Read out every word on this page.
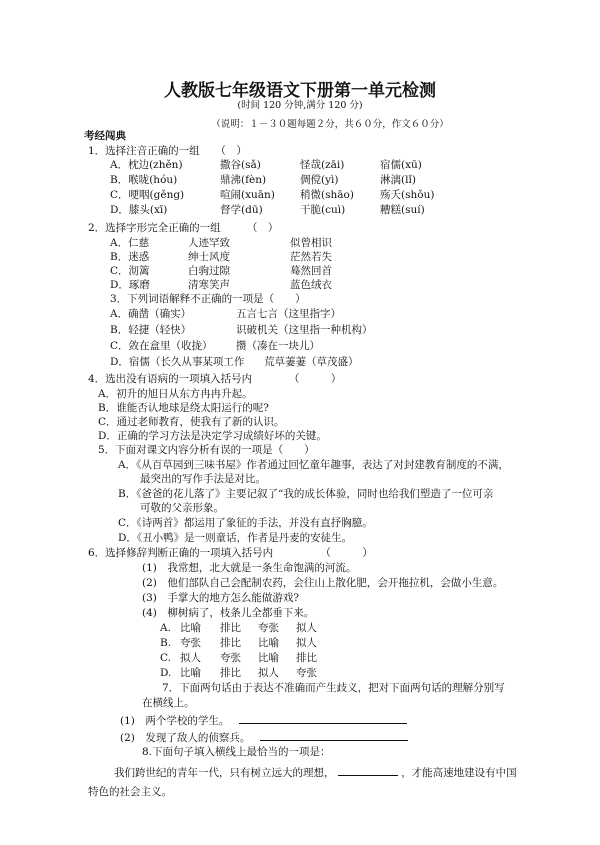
人教版七年级语文下册第一单元检测
(时间 120 分钟,满分 120 分)
（说明：１－３０题每题２分，共６０分，作文６０分）
考经闯典
1．选择注音正确的一组　　（　）
A．枕边(zhěn)	撒谷(sǎ)	怪哉(zāi)	宿儒(xū)
B．喉咙(hóu)	鼎沸(fèn)	倜傥(yì)	淋漓(lǐ)
C．哽咽(gěng)	喧闹(xuān) 稍微(shāo) 殇夭(shǒu)
D．膝头(xī)	督学(dū)	干脆(cuì)	糟糕(suí)
2．选择字形完全正确的一组　　　（　）
A．仁慈	人迹罕致	似曾相识
B．迷惑	绅士风度	茫然若失
C．沏篱	白驹过隙	蓦然回首
D．琢磨	清寒笑声	蓝色绒衣
3．下列词语解释不正确的一项是（　　）
A．确凿（确实）	五言七言（这里指字）
B．轻捷（轻快）	识破机关（这里指一种机构）
C．敛在盒里（收拢） 攒（凑在一块儿）
D．宿儒（长久从事某项工作 荒草萋萋（草茂盛）
4．选出没有语病的一项填入括号内　　　　（　　　）
A．初升的旭日从东方冉冉升起。
B．谁能否认地球是绕太阳运行的呢?
C．通过老师教育，使我有了新的认识。
D．正确的学习方法是决定学习成绩好坏的关键。
5．下面对课文内容分析有误的一项是（　　）
A．《从百草园到三味书屋》作者通过回忆童年趣事，表达了对封建教育制度的不满，
最突出的写作手法是对比。
B．《爸爸的花儿落了》主要记叙了“我的成长体验，同时也给我们塑造了一位可亲
可敬的父亲形象。
C．《诗两首》都运用了象征的手法，并没有直抒胸臆。
D．《丑小鸭》是一则童话，作者是丹麦的安徒生。
6．选择修辞判断正确的一项填入括号内　　　　　（　　　）
(1)　我常想，北大就是一条生命饱满的河流。
(2)　他们部队自己会配制农药，会往山上散化肥，会开拖拉机，会做小生意。
(3)　手掌大的地方怎么能做游戏?
(4)　柳树病了，枝条儿全都垂下来。
A. 比喻 排比 夸张 拟人
B. 夸张 排比 比喻 拟人
C. 拟人 夸张 比喻 排比
D. 比喻 排比 拟人 夸张
7．下面两句话由于表达不准确而产生歧义，把对下面两句话的理解分别写
在横线上。
(1)　两个学校的学生。
(2)　发现了敌人的侦察兵。
8.下面句子填入横线上最恰当的一项是：
我们跨世纪的青年一代，只有树立远大的理想，	，才能高速地建设有中国
特色的社会主义。
